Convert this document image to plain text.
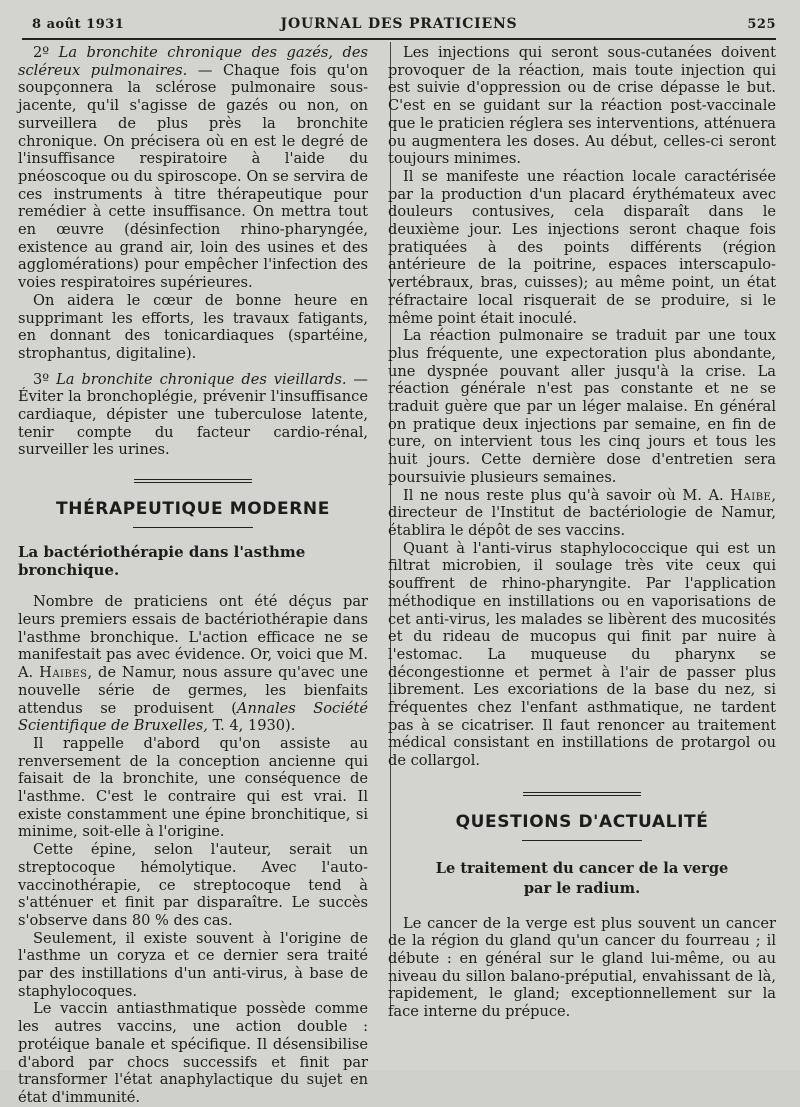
8 août 1931	JOURNAL DES PRATICIENS	525

2º La bronchite chronique des gazés, des scléreux pulmonaires. — Chaque fois qu'on soupçonnera la sclérose pulmonaire sous-jacente, qu'il s'agisse de gazés ou non, on surveillera de plus près la bronchite chronique. On précisera où en est le degré de l'insuffisance respiratoire à l'aide du pnéoscoque ou du spiroscope. On se servira de ces instruments à titre thérapeutique pour remédier à cette insuffisance. On mettra tout en œuvre (désinfection rhino-pharyngée, existence au grand air, loin des usines et des agglomérations) pour empêcher l'infection des voies respiratoires supérieures.

On aidera le cœur de bonne heure en supprimant les efforts, les travaux fatigants, en donnant des tonicardiaques (spartéine, strophantus, digitaline).

3º La bronchite chronique des vieillards. — Éviter la bronchoplégie, prévenir l'insuffisance cardiaque, dépister une tuberculose latente, tenir compte du facteur cardio-rénal, surveiller les urines.

THÉRAPEUTIQUE MODERNE
La bactériothérapie dans l'asthme bronchique.

Nombre de praticiens ont été déçus par leurs premiers essais de bactériothérapie dans l'asthme bronchique. L'action efficace ne se manifestait pas avec évidence. Or, voici que M. A. Haibes, de Namur, nous assure qu'avec une nouvelle série de germes, les bienfaits attendus se produisent (Annales Société Scientifique de Bruxelles, T. 4, 1930).

Il rappelle d'abord qu'on assiste au renversement de la conception ancienne qui faisait de la bronchite, une conséquence de l'asthme. C'est le contraire qui est vrai. Il existe constamment une épine bronchitique, si minime, soit-elle à l'origine.

Cette épine, selon l'auteur, serait un streptocoque hémolytique. Avec l'auto-vaccinothérapie, ce streptocoque tend à s'atténuer et finit par disparaître. Le succès s'observe dans 80 % des cas.

Seulement, il existe souvent à l'origine de l'asthme un coryza et ce dernier sera traité par des instillations d'un anti-virus, à base de staphylocoques.

Le vaccin antiasthmatique possède comme les autres vaccins, une action double : protéique banale et spécifique. Il désensibilise d'abord par chocs successifs et finit par transformer l'état anaphylactique du sujet en état d'immunité.

Les injections qui seront sous-cutanées doivent provoquer de la réaction, mais toute injection qui est suivie d'oppression ou de crise dépasse le but. C'est en se guidant sur la réaction post-vaccinale que le praticien réglera ses interventions, atténuera ou augmentera les doses. Au début, celles-ci seront toujours minimes.

Il se manifeste une réaction locale caractérisée par la production d'un placard érythémateux avec douleurs contusives, cela disparaît dans le deuxième jour. Les injections seront chaque fois pratiquées à des points différents (région antérieure de la poitrine, espaces interscapulo-vertébraux, bras, cuisses); au même point, un état réfractaire local risquerait de se produire, si le même point était inoculé.

La réaction pulmonaire se traduit par une toux plus fréquente, une expectoration plus abondante, une dyspnée pouvant aller jusqu'à la crise. La réaction générale n'est pas constante et ne se traduit guère que par un léger malaise. En général on pratique deux injections par semaine, en fin de cure, on intervient tous les cinq jours et tous les huit jours. Cette dernière dose d'entretien sera poursuivie plusieurs semaines.

Il ne nous reste plus qu'à savoir où M. A. Haibe, directeur de l'Institut de bactériologie de Namur, établira le dépôt de ses vaccins.

Quant à l'anti-virus staphylococcique qui est un filtrat microbien, il soulage très vite ceux qui souffrent de rhino-pharyngite. Par l'application méthodique en instillations ou en vaporisations de cet anti-virus, les malades se libèrent des mucosités et du rideau de mucopus qui finit par nuire à l'estomac. La muqueuse du pharynx se décongestionne et permet à l'air de passer plus librement. Les excoriations de la base du nez, si fréquentes chez l'enfant asthmatique, ne tardent pas à se cicatriser. Il faut renoncer au traitement médical consistant en instillations de protargol ou de collargol.

QUESTIONS D'ACTUALITÉ
Le traitement du cancer de la verge
par le radium.

Le cancer de la verge est plus souvent un cancer de la région du gland qu'un cancer du fourreau ; il débute : en général sur le gland lui-même, ou au niveau du sillon balano-préputial, envahissant de là, rapidement, le gland; exceptionnellement sur la face interne du prépuce.
